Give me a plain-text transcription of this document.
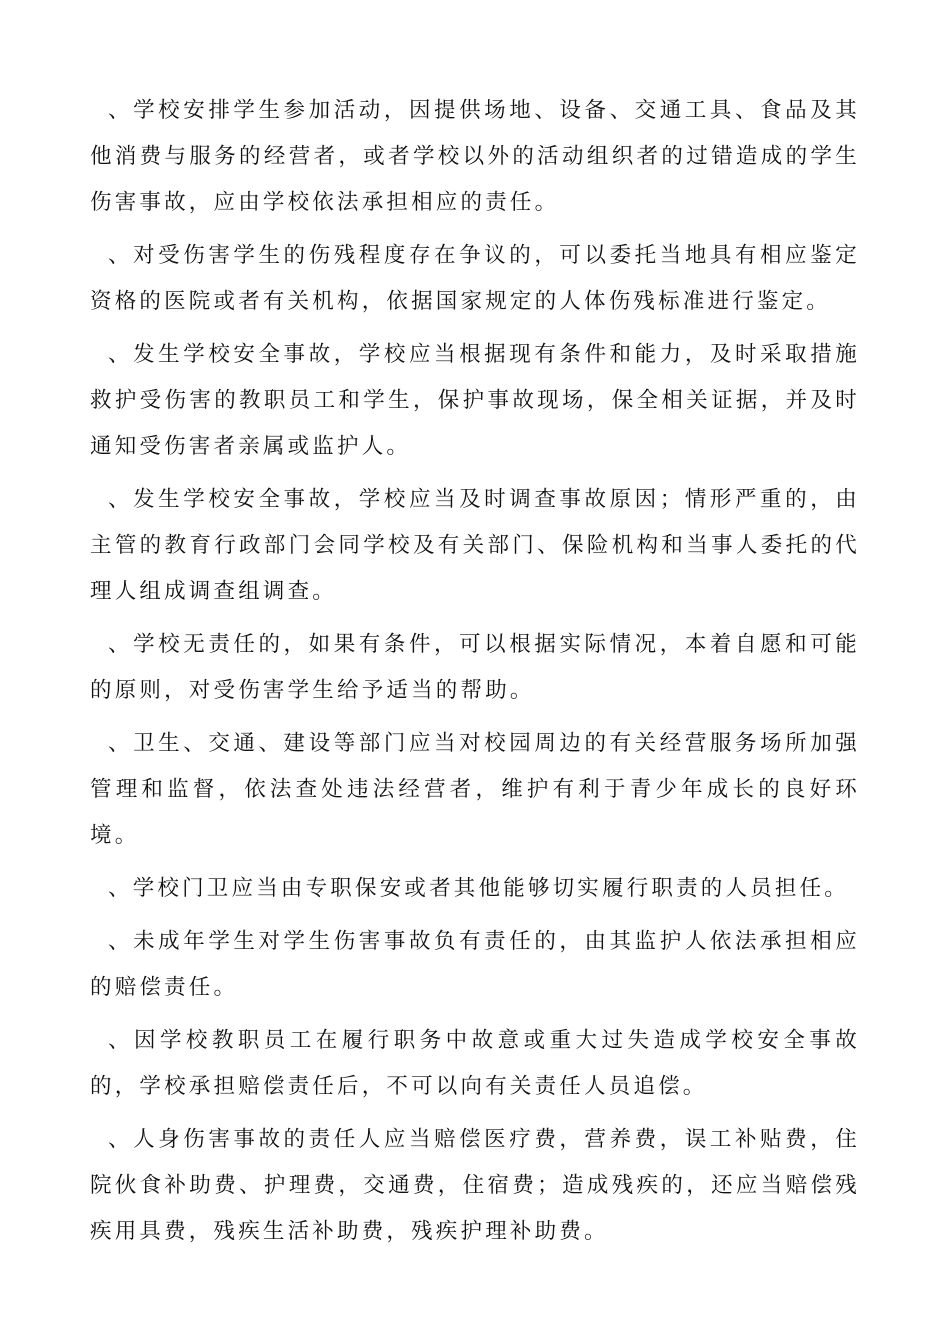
、学校安排学生参加活动，因提供场地、设备、交通工具、食品及其他消费与服务的经营者，或者学校以外的活动组织者的过错造成的学生伤害事故，应由学校依法承担相应的责任。

、对受伤害学生的伤残程度存在争议的，可以委托当地具有相应鉴定资格的医院或者有关机构，依据国家规定的人体伤残标准进行鉴定。

、发生学校安全事故，学校应当根据现有条件和能力，及时采取措施救护受伤害的教职员工和学生，保护事故现场，保全相关证据，并及时通知受伤害者亲属或监护人。

、发生学校安全事故，学校应当及时调查事故原因；情形严重的，由主管的教育行政部门会同学校及有关部门、保险机构和当事人委托的代理人组成调查组调查。

、学校无责任的，如果有条件，可以根据实际情况，本着自愿和可能的原则，对受伤害学生给予适当的帮助。

、卫生、交通、建设等部门应当对校园周边的有关经营服务场所加强管理和监督，依法查处违法经营者，维护有利于青少年成长的良好环境。

、学校门卫应当由专职保安或者其他能够切实履行职责的人员担任。

、未成年学生对学生伤害事故负有责任的，由其监护人依法承担相应的赔偿责任。

、因学校教职员工在履行职务中故意或重大过失造成学校安全事故的，学校承担赔偿责任后，不可以向有关责任人员追偿。

、人身伤害事故的责任人应当赔偿医疗费，营养费，误工补贴费，住院伙食补助费、护理费，交通费，住宿费；造成残疾的，还应当赔偿残疾用具费，残疾生活补助费，残疾护理补助费。
